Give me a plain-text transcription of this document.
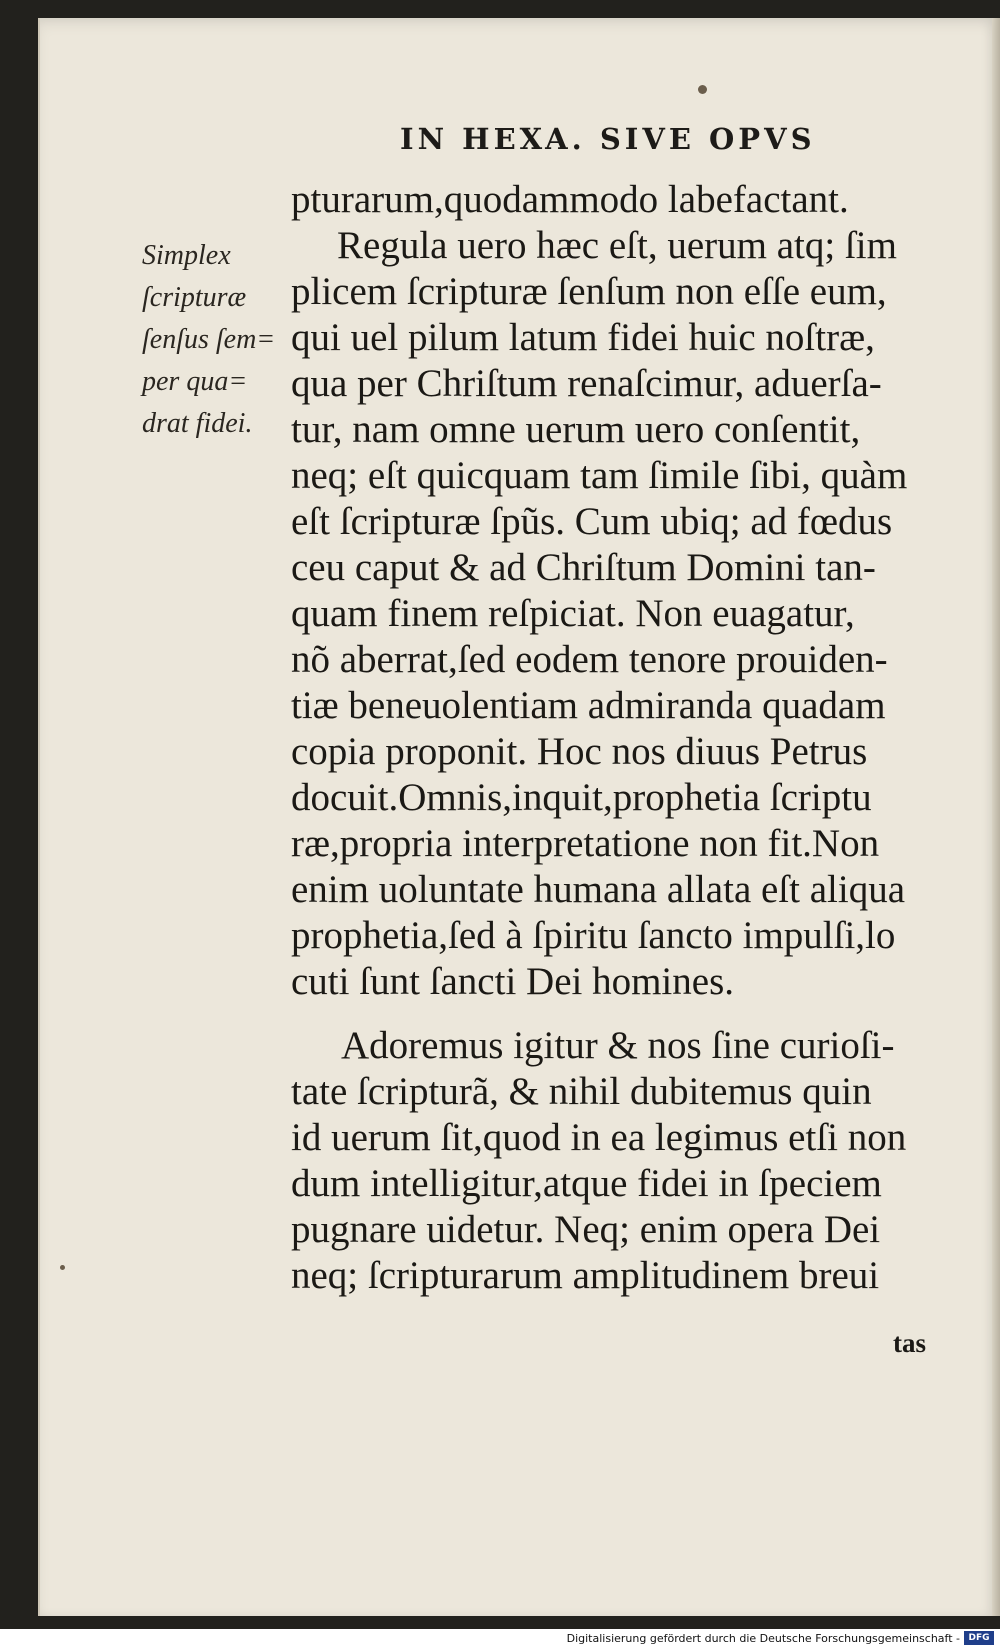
IN HEXA. SIVE OPVS
Simplex
ſcripturæ
ſenſus ſem=
per qua=
drat fidei.
pturarum,quodammodo labefactant.
Regula uero hæc eſt, uerum atq; ſim
plicem ſcripturæ ſenſum non eſſe eum,
qui uel pilum latum fidei huic noſtræ,
qua per Chriſtum renaſcimur, aduerſa-
tur, nam omne uerum uero conſentit,
neq; eſt quicquam tam ſimile ſibi, quàm
eſt ſcripturæ ſpũs. Cum ubiq; ad fœdus
ceu caput & ad Chriſtum Domini tan-
quam finem reſpiciat. Non euagatur,
nõ aberrat,ſed eodem tenore prouiden-
tiæ beneuolentiam admiranda quadam
copia proponit. Hoc nos diuus Petrus
docuit.Omnis,inquit,prophetia ſcriptu
ræ,propria interpretatione non fit.Non
enim uoluntate humana allata eſt aliqua
prophetia,ſed à ſpiritu ſancto impulſi,lo
cuti ſunt ſancti Dei homines.
Adoremus igitur & nos ſine curioſi-
tate ſcripturã, & nihil dubitemus quin
id uerum ſit,quod in ea legimus etſi non
dum intelligitur,atque fidei in ſpeciem
pugnare uidetur. Neq; enim opera Dei
neq; ſcripturarum amplitudinem breui
tas
Digitalisierung gefördert durch die Deutsche Forschungsgemeinschaft - DFG
